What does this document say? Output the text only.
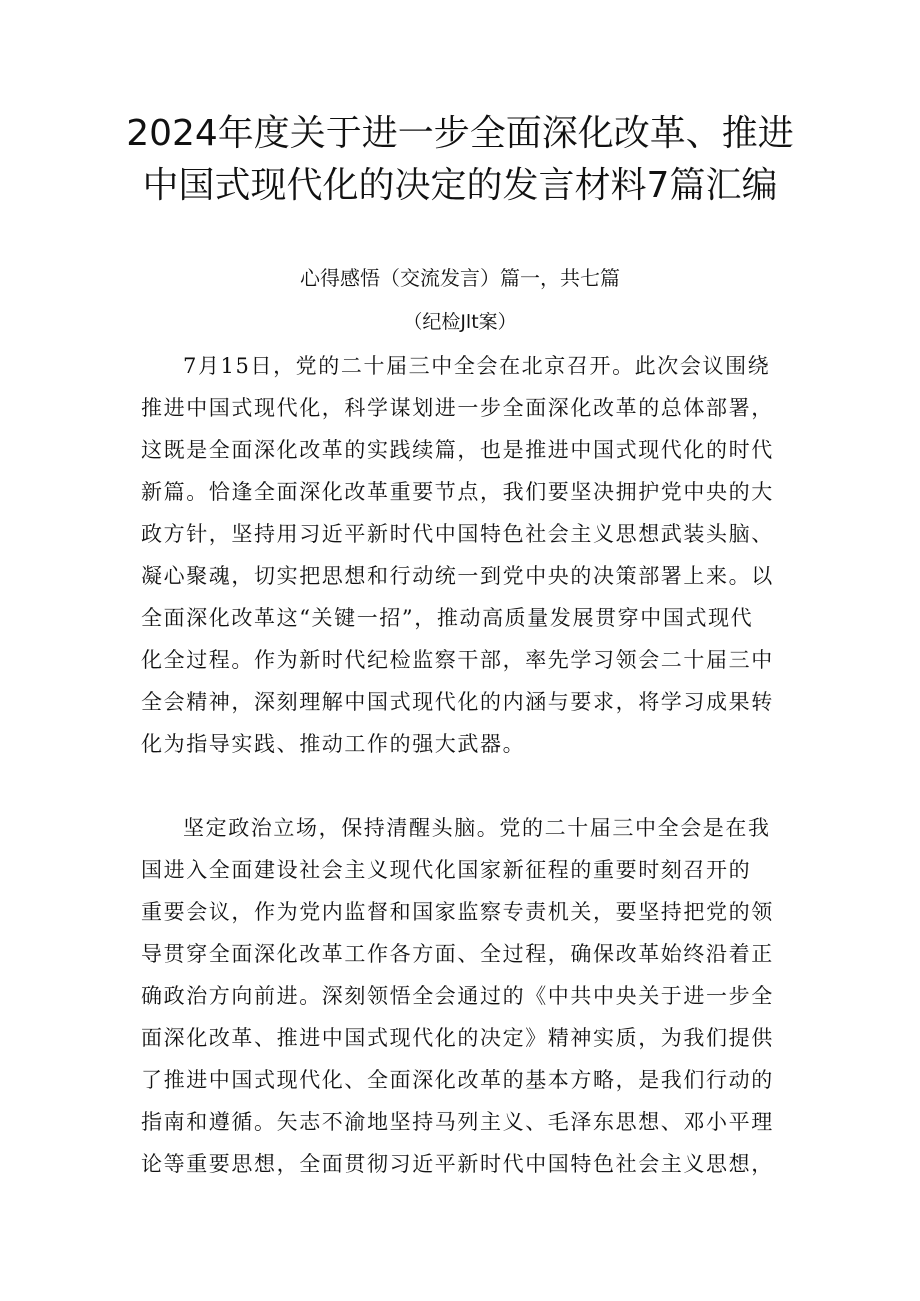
2024年度关于进一步全面深化改革、推进
中国式现代化的决定的发言材料7篇汇编
心得感悟（交流发言）篇一，共七篇
（纪检Jlt案）
7月15日，党的二十届三中全会在北京召开。此次会议围绕
推进中国式现代化，科学谋划进一步全面深化改革的总体部署，
这既是全面深化改革的实践续篇，也是推进中国式现代化的时代
新篇。恰逢全面深化改革重要节点，我们要坚决拥护党中央的大
政方针，坚持用习近平新时代中国特色社会主义思想武装头脑、
凝心聚魂，切实把思想和行动统一到党中央的决策部署上来。以
全面深化改革这“关键一招”，推动高质量发展贯穿中国式现代
化全过程。作为新时代纪检监察干部，率先学习领会二十届三中
全会精神，深刻理解中国式现代化的内涵与要求，将学习成果转
化为指导实践、推动工作的强大武器。
坚定政治立场，保持清醒头脑。党的二十届三中全会是在我
国进入全面建设社会主义现代化国家新征程的重要时刻召开的
重要会议，作为党内监督和国家监察专责机关，要坚持把党的领
导贯穿全面深化改革工作各方面、全过程，确保改革始终沿着正
确政治方向前进。深刻领悟全会通过的《中共中央关于进一步全
面深化改革、推进中国式现代化的决定》精神实质，为我们提供
了推进中国式现代化、全面深化改革的基本方略，是我们行动的
指南和遵循。矢志不渝地坚持马列主义、毛泽东思想、邓小平理
论等重要思想，全面贯彻习近平新时代中国特色社会主义思想，
